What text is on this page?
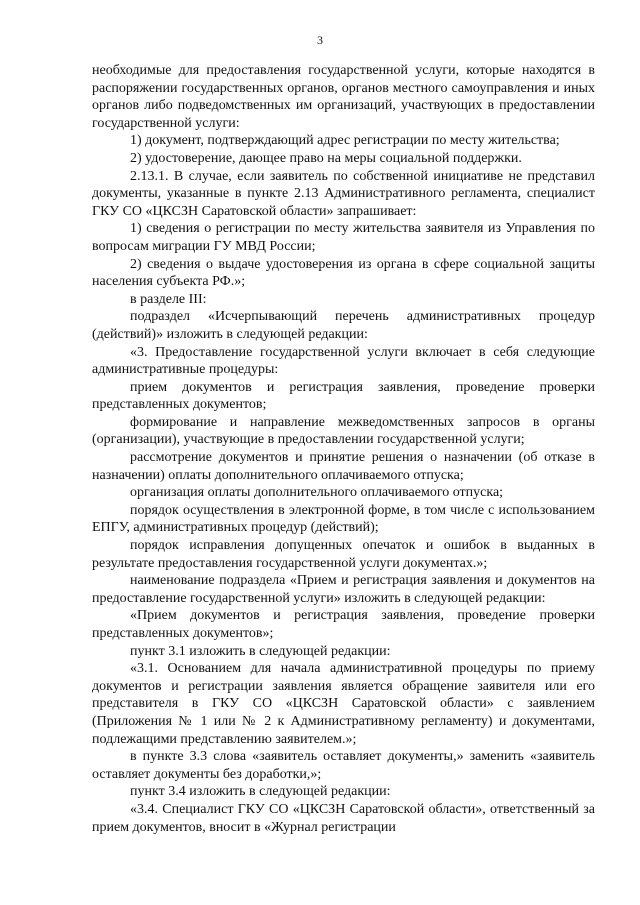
3

необходимые для предоставления государственной услуги, которые находятся в распоряжении государственных органов, органов местного самоуправления и иных органов либо подведомственных им организаций, участвующих в предоставлении государственной услуги:

1) документ, подтверждающий адрес регистрации по месту жительства;

2) удостоверение, дающее право на меры социальной поддержки.

2.13.1. В случае, если заявитель по собственной инициативе не представил документы, указанные в пункте 2.13 Административного регламента, специалист ГКУ СО «ЦКСЗН Саратовской области» запрашивает:

1) сведения о регистрации по месту жительства заявителя из Управления по вопросам миграции ГУ МВД России;

2) сведения о выдаче удостоверения из органа в сфере социальной защиты населения субъекта РФ.»;

в разделе III:

подраздел «Исчерпывающий перечень административных процедур (действий)» изложить в следующей редакции:

«3. Предоставление государственной услуги включает в себя следующие административные процедуры:

прием документов и регистрация заявления, проведение проверки представленных документов;

формирование и направление межведомственных запросов в органы (организации), участвующие в предоставлении государственной услуги;

рассмотрение документов и принятие решения о назначении (об отказе в назначении) оплаты дополнительного оплачиваемого отпуска;

организация оплаты дополнительного оплачиваемого отпуска;

порядок осуществления в электронной форме, в том числе с использованием ЕПГУ, административных процедур (действий);

порядок исправления допущенных опечаток и ошибок в выданных в результате предоставления государственной услуги документах.»;

наименование подраздела «Прием и регистрация заявления и документов на предоставление государственной услуги» изложить в следующей редакции:

«Прием документов и регистрация заявления, проведение проверки представленных документов»;

пункт 3.1 изложить в следующей редакции:

«3.1. Основанием для начала административной процедуры по приему документов и регистрации заявления является обращение заявителя или его представителя в ГКУ СО «ЦКСЗН Саратовской области» с заявлением (Приложения № 1 или № 2 к Административному регламенту) и документами, подлежащими представлению заявителем.»;

в пункте 3.3 слова «заявитель оставляет документы,» заменить «заявитель оставляет документы без доработки,»;

пункт 3.4 изложить в следующей редакции:

«3.4. Специалист ГКУ СО «ЦКСЗН Саратовской области», ответственный за прием документов, вносит в «Журнал регистрации
